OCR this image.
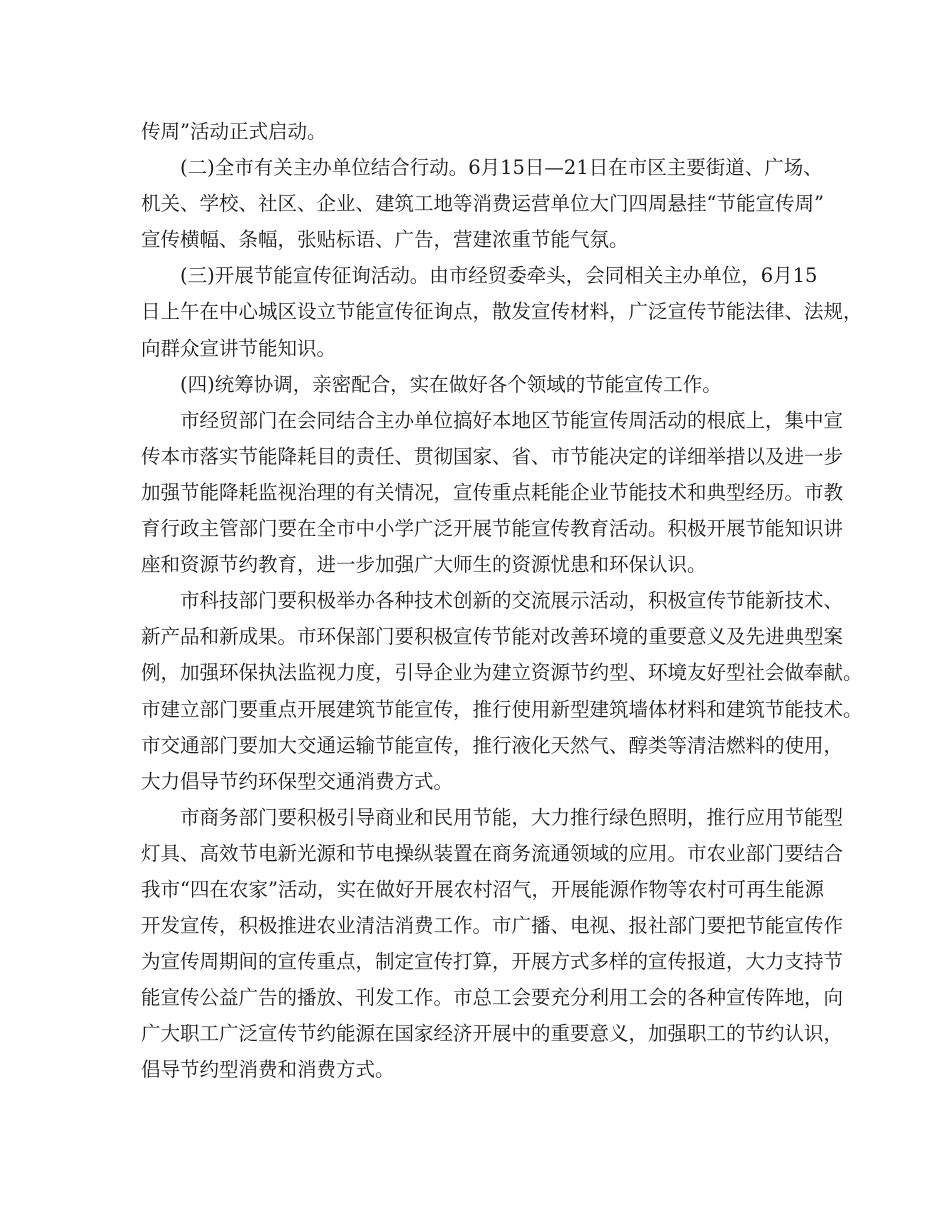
传周”活动正式启动。
(二)全市有关主办单位结合行动。6月15日—21日在市区主要街道、广场、
机关、学校、社区、企业、建筑工地等消费运营单位大门四周悬挂“节能宣传周”
宣传横幅、条幅，张贴标语、广告，营建浓重节能气氛。
(三)开展节能宣传征询活动。由市经贸委牵头，会同相关主办单位，6月15
日上午在中心城区设立节能宣传征询点，散发宣传材料，广泛宣传节能法律、法规，
向群众宣讲节能知识。
(四)统筹协调，亲密配合，实在做好各个领域的节能宣传工作。
市经贸部门在会同结合主办单位搞好本地区节能宣传周活动的根底上，集中宣
传本市落实节能降耗目的责任、贯彻国家、省、市节能决定的详细举措以及进一步
加强节能降耗监视治理的有关情况，宣传重点耗能企业节能技术和典型经历。市教
育行政主管部门要在全市中小学广泛开展节能宣传教育活动。积极开展节能知识讲
座和资源节约教育，进一步加强广大师生的资源忧患和环保认识。
市科技部门要积极举办各种技术创新的交流展示活动，积极宣传节能新技术、
新产品和新成果。市环保部门要积极宣传节能对改善环境的重要意义及先进典型案
例，加强环保执法监视力度，引导企业为建立资源节约型、环境友好型社会做奉献。
市建立部门要重点开展建筑节能宣传，推行使用新型建筑墙体材料和建筑节能技术。
市交通部门要加大交通运输节能宣传，推行液化天然气、醇类等清洁燃料的使用，
大力倡导节约环保型交通消费方式。
市商务部门要积极引导商业和民用节能，大力推行绿色照明，推行应用节能型
灯具、高效节电新光源和节电操纵装置在商务流通领域的应用。市农业部门要结合
我市“四在农家”活动，实在做好开展农村沼气，开展能源作物等农村可再生能源
开发宣传，积极推进农业清洁消费工作。市广播、电视、报社部门要把节能宣传作
为宣传周期间的宣传重点，制定宣传打算，开展方式多样的宣传报道，大力支持节
能宣传公益广告的播放、刊发工作。市总工会要充分利用工会的各种宣传阵地，向
广大职工广泛宣传节约能源在国家经济开展中的重要意义，加强职工的节约认识，
倡导节约型消费和消费方式。
